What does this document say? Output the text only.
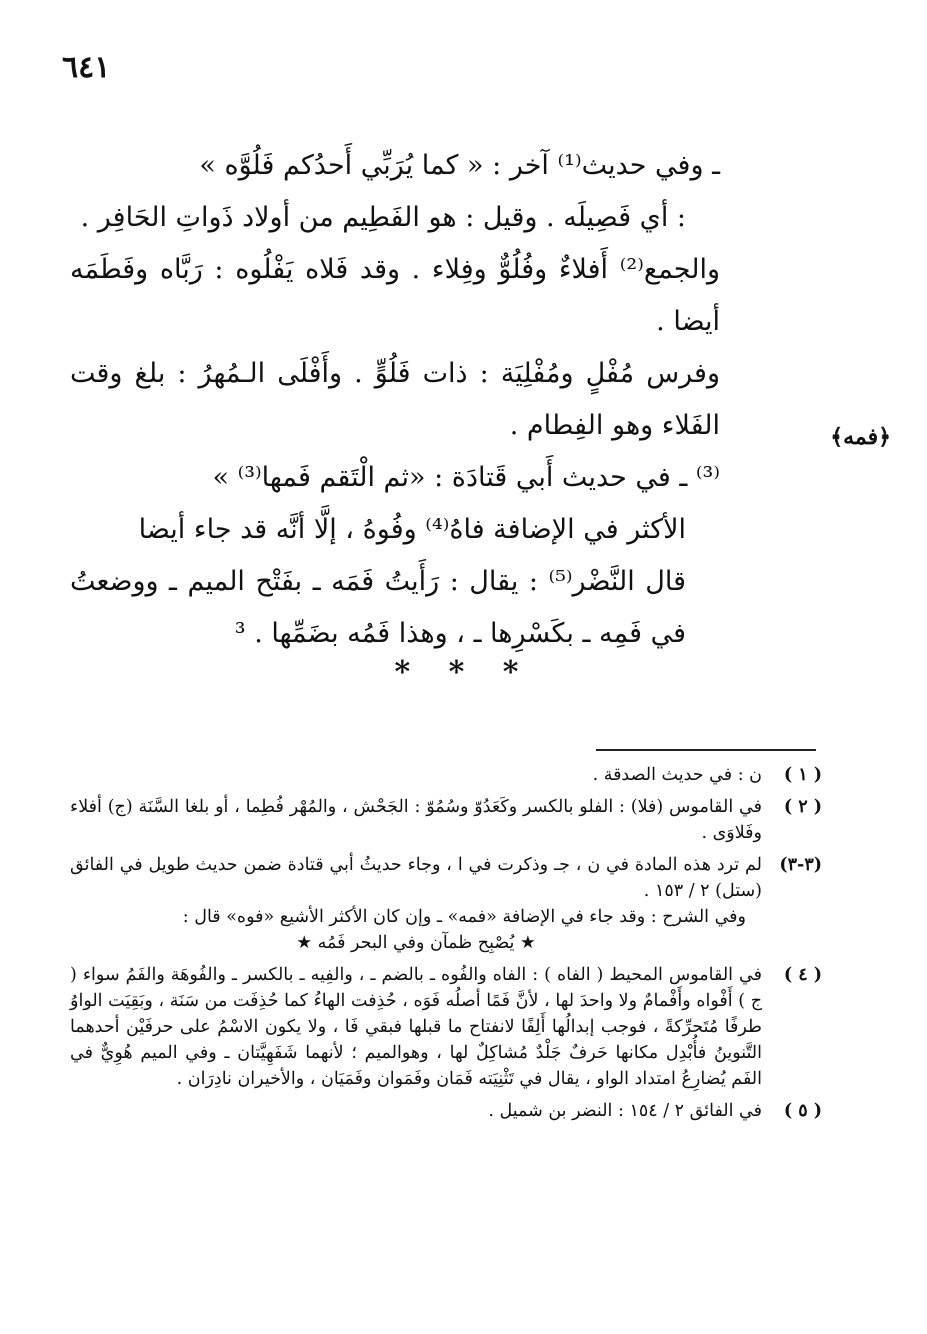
٦٤١
﴿فمه﴾

ـ وفي حديث⁽¹⁾ آخر : « كما يُرَبِّي أَحدُكم فَلُوَّه »

: أي فَصِيلَه . وقيل : هو الفَطِيم من أولاد ذَواتِ الحَافِر .

والجمع⁽²⁾ أَفلاءٌ وفُلُوٌّ وفِلاء . وقد فَلاه يَفْلُوه : رَبَّاه وفَطَمَه أيضا .

وفرس مُفْلٍ ومُفْلِيَة : ذات فَلُوٍّ . وأَفْلَى الـمُهرُ : بلغ وقت الفَلاء وهو الفِطام .

⁽³⁾ ـ في حديث أَبي قَتادَة : «ثم الْتَقم فَمها⁽³⁾ »

الأكثر في الإضافة فاهُ⁽⁴⁾ وفُوهُ ، إلَّا أنَّه قد جاء أيضا

قال النَّضْر⁽⁵⁾ : يقال : رَأَيتُ فَمَه ـ بفَتْح الميم ـ ووضعتُ في فَمِه ـ بكَسْرِها ـ ، وهذا فَمُه بضَمِّها . ³

* * *
( ١ )
ن : في حديث الصدقة .
( ٢ )
في القاموس (فلا) : الفلو بالكسر وكَعَدُوّ وسُمُوّ : الجَحْش ، والمُهْر فُطِما ، أو بلغا السَّنَة (ج) أفلاء وفَلاوَى .
(٣-٣)
لم ترد هذه المادة في ن ، جـ وذكرت في ا ، وجاء حديثُ أبي قتادة ضمن حديث طويل في الفائق (ستل) ٢ / ١٥٣ .
وفي الشرح : وقد جاء في الإضافة «فمه» ـ وإن كان الأكثر الأشيع «فوه» قال :
★ يُصْبِح ظمآن وفي البحر فَمُه ★
( ٤ )
في القاموس المحيط ( الفاه ) : الفاه والفُوه ـ بالضم ـ ، والفِيه ـ بالكسر ـ والفُوهَة والفَمُ سواء ( ج ) أَفْواه وأَفْمامٌ ولا واحدَ لها ، لأنَّ فَمًا أصلُه فَوَه ، حُذِفت الهاءُ كما حُذِفَت من سَنَة ، وبَقِيَت الواوُ طرفًا مُتَحرِّكةً ، فوجب إبدالُها أَلِفًا لانفتاح ما قبلها فبقي فَا ، ولا يكون الاسْمُ على حرفَيْن أحدهما التَّنوينُ فأُبْدِل مكانها حَرفٌ جَلْدٌ مُشاكِلٌ لها ، وهوالميم ؛ لأنهما شَفَهِيَّتان ـ وفي الميم هُوِيٌّ في الفَم يُضارِعُ امتداد الواو ، يقال في تَثْنِيَته فَمَان وفَمَوان وفَمَيَان ، والأخيران نادِرَان .
( ٥ )
في الفائق ٢ / ١٥٤ : النضر بن شميل .
